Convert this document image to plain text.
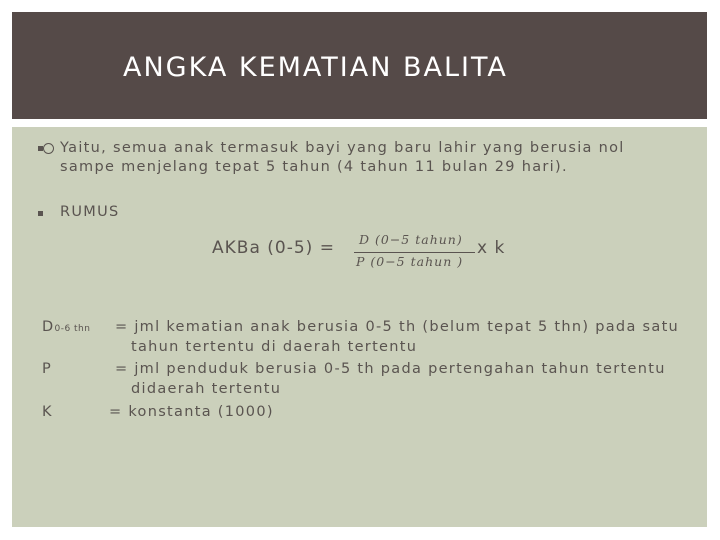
ANGKA KEMATIAN BALITA
Yaitu, semua anak termasuk bayi yang baru lahir yang berusia nol
sampe menjelang tepat 5 tahun (4 tahun 11 bulan 29 hari).
RUMUS
AKBa (0-5) = D (0−5 tahun)
P (0−5 tahun )
x k
D0-6 thn = jml kematian anak berusia 0-5 th (belum tepat 5 thn) pada satu
tahun tertentu di daerah tertentu
P	= jml penduduk berusia 0-5 th pada pertengahan tahun tertentu
didaerah tertentu
K	= konstanta (1000)
